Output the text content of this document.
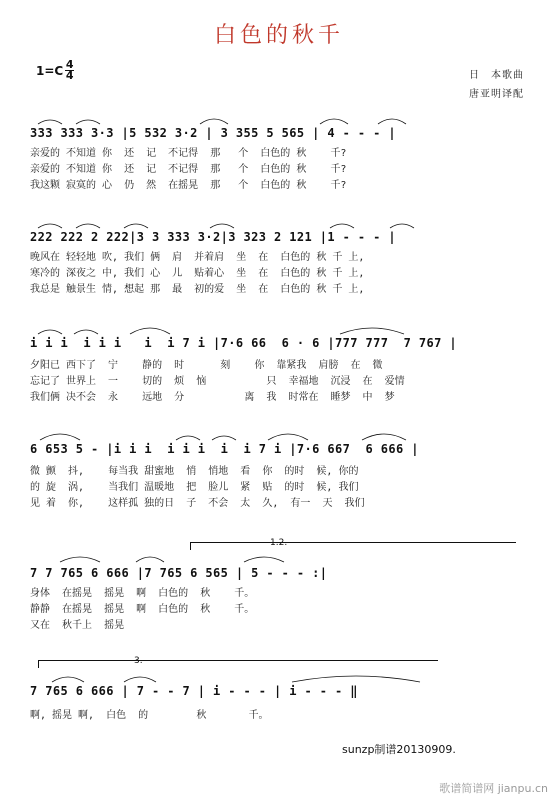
白色的秋千
$1=C \frac{4}{4}$	日　本歌曲
唐亚明译配
333 333 3·3 |5 532 3·2 | 3 355 5 565 | 4 - - - |
亲爱的 不知道 你  还  记  不记得  那   个  白色的 秋    千?
亲爱的 不知道 你  还  记  不记得  那   个  白色的 秋    千?
我这颗 寂寞的 心  仍  然  在摇晃  那   个  白色的 秋    千?
222 222 2 222|3 3 333 3·2|3 323 2 121 |1 - - - |
晚风在 轻轻地 吹, 我们 俩  肩  并着肩  坐  在  白色的 秋 千 上,
寒冷的 深夜之 中, 我们 心  儿  贴着心  坐  在  白色的 秋 千 上,
我总是 触景生 情, 想起 那  最  初的爱  坐  在  白色的 秋 千 上,
i i i  i i i   i  i 7 i |7·6 66  6 · 6 |777 777  7 767 |
夕阳已 西下了  宁    静的  时      刻    你  靠紧我  肩膀  在  微
忘记了 世界上  一    切的  烦  恼          只  幸福地  沉浸  在  爱情
我们俩 决不会  永    远地  分          离  我  时常在  睡梦  中  梦
6 653 5 - |i i i  i i i  i  i 7 i |7·6 667  6 666 |
微 颤  抖,    每当我 甜蜜地  悄  悄地  看  你  的时  候, 你的
的 旋  涡,    当我们 温暖地  把  脸儿  紧  贴  的时  候, 我们
见 着  你,    这样孤 独的日  子  不会  太  久,  有一  天  我们
1.2.
7 7 765 6 666 |7 765 6 565 | 5 - - - :|
身体  在摇晃  摇晃  啊  白色的  秋    千。
静静  在摇晃  摇晃  啊  白色的  秋    千。
又在  秋千上  摇晃
3.
7 765 6 666 | 7 - - 7 | i - - - | i - - - ‖
啊, 摇晃 啊,  白色  的        秋       千。
sunzp制谱20130909.
歌谱简谱网 jianpu.cn
